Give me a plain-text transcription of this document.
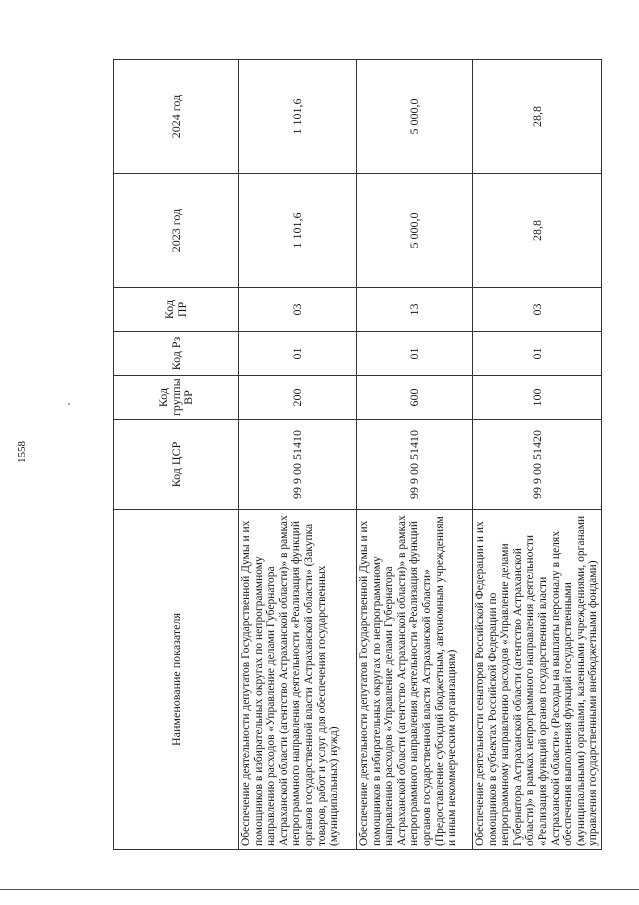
1558
Наименование показателя	Код ЦСР	Код группы ВР	Код Рз	Код ПР	2023 год	2024 год
Обеспечение деятельности депутатов Государственной Думы и их помощников в избирательных округах по непрограммному направлению расходов «Управление делами Губернатора Астраханской области (агентство Астраханской области)» в рамках непрограммного направления деятельности «Реализация функций органов государственной власти Астраханской области» (Закупка товаров, работ и услуг для обеспечения государственных (муниципальных) нужд)	99 9 00 51410	200	01	03	1 101,6	1 101,6
Обеспечение деятельности депутатов Государственной Думы и их помощников в избирательных округах по непрограммному направлению расходов «Управление делами Губернатора Астраханской области (агентство Астраханской области)» в рамках непрограммного направления деятельности «Реализация функций органов государственной власти Астраханской области» (Предоставление субсидий бюджетным, автономным учреждениям и иным некоммерческим организациям)	99 9 00 51410	600	01	13	5 000,0	5 000,0
Обеспечение деятельности сенаторов Российской Федерации и их помощников в субъектах Российской Федерации по непрограммному направлению расходов «Управление делами Губернатора Астраханской области (агентство Астраханской области)» в рамках непрограммного направления деятельности «Реализация функций органов государственной власти Астраханской области» (Расходы на выплаты персоналу в целях обеспечения выполнения функций государственными (муниципальными) органами, казенными учреждениями, органами управления государственными внебюджетными фондами)	99 9 00 51420	100	01	03	28,8	28,8
